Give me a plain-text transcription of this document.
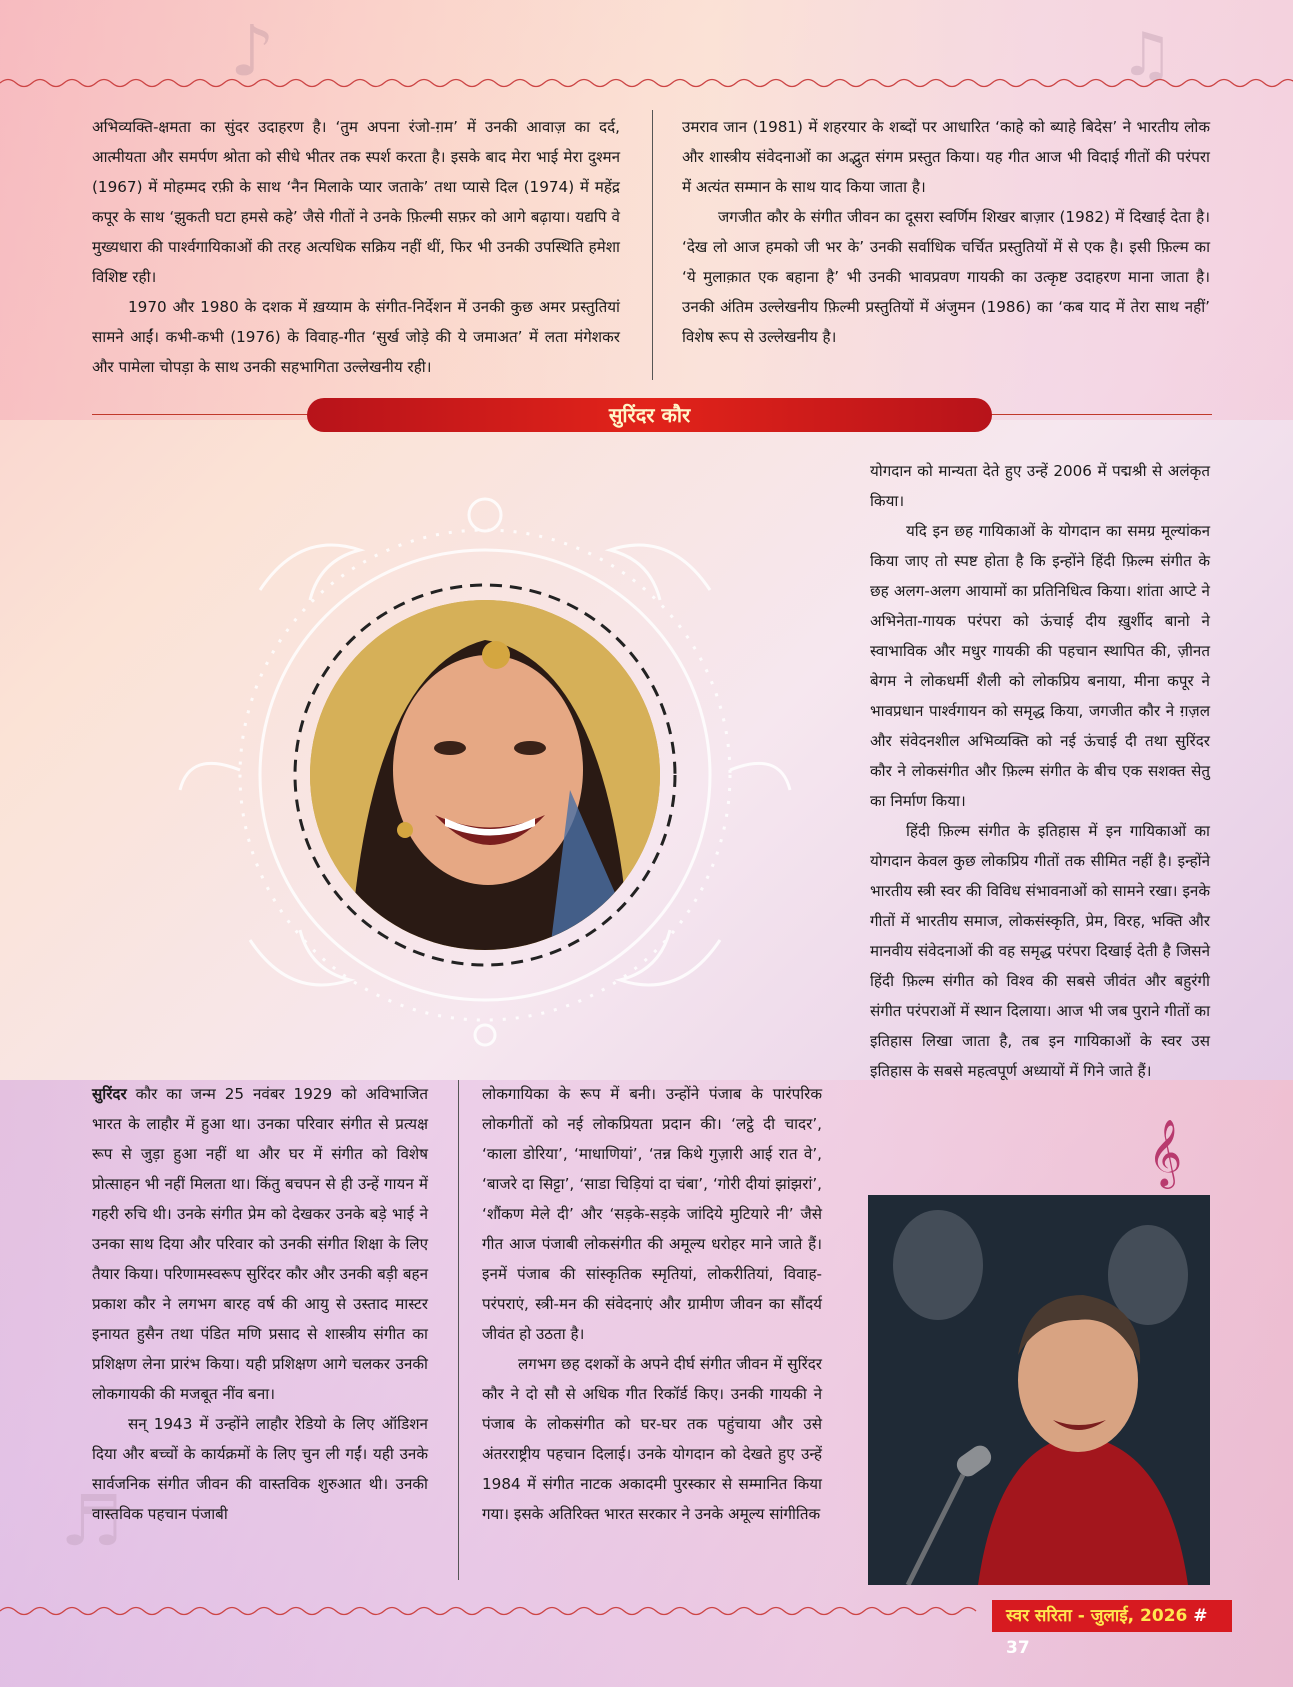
♪	♫
♬

अभिव्यक्ति-क्षमता का सुंदर उदाहरण है। ‘तुम अपना रंजो-ग़म’ में उनकी आवाज़ का दर्द, आत्मीयता और समर्पण श्रोता को सीधे भीतर तक स्पर्श करता है। इसके बाद मेरा भाई मेरा दुश्मन (1967) में मोहम्मद रफ़ी के साथ ‘नैन मिलाके प्यार जताके’ तथा प्यासे दिल (1974) में महेंद्र कपूर के साथ ‘झुकती घटा हमसे कहे’ जैसे गीतों ने उनके फ़िल्मी सफ़र को आगे बढ़ाया। यद्यपि वे मुख्यधारा की पार्श्वगायिकाओं की तरह अत्यधिक सक्रिय नहीं थीं, फिर भी उनकी उपस्थिति हमेशा विशिष्ट रही।

1970 और 1980 के दशक में ख़य्याम के संगीत-निर्देशन में उनकी कुछ अमर प्रस्तुतियां सामने आईं। कभी-कभी (1976) के विवाह-गीत ‘सुर्ख जोड़े की ये जमाअत’ में लता मंगेशकर और पामेला चोपड़ा के साथ उनकी सहभागिता उल्लेखनीय रही।

उमराव जान (1981) में शहरयार के शब्दों पर आधारित ‘काहे को ब्याहे बिदेस’ ने भारतीय लोक और शास्त्रीय संवेदनाओं का अद्भुत संगम प्रस्तुत किया। यह गीत आज भी विदाई गीतों की परंपरा में अत्यंत सम्मान के साथ याद किया जाता है।

जगजीत कौर के संगीत जीवन का दूसरा स्वर्णिम शिखर बाज़ार (1982) में दिखाई देता है। ‘देख लो आज हमको जी भर के’ उनकी सर्वाधिक चर्चित प्रस्तुतियों में से एक है। इसी फ़िल्म का ‘ये मुलाक़ात एक बहाना है’ भी उनकी भावप्रवण गायकी का उत्कृष्ट उदाहरण माना जाता है। उनकी अंतिम उल्लेखनीय फ़िल्मी प्रस्तुतियों में अंजुमन (1986) का ‘कब याद में तेरा साथ नहीं’ विशेष रूप से उल्लेखनीय है।

सुरिंदर कौर

योगदान को मान्यता देते हुए उन्हें 2006 में पद्मश्री से अलंकृत किया।

यदि इन छह गायिकाओं के योगदान का समग्र मूल्यांकन किया जाए तो स्पष्ट होता है कि इन्होंने हिंदी फ़िल्म संगीत के छह अलग-अलग आयामों का प्रतिनिधित्व किया। शांता आप्टे ने अभिनेता-गायक परंपरा को ऊंचाई दीय ख़ुर्शीद बानो ने स्वाभाविक और मधुर गायकी की पहचान स्थापित की, ज़ीनत बेगम ने लोकधर्मी शैली को लोकप्रिय बनाया, मीना कपूर ने भावप्रधान पार्श्वगायन को समृद्ध किया, जगजीत कौर ने ग़ज़ल और संवेदनशील अभिव्यक्ति को नई ऊंचाई दी तथा सुरिंदर कौर ने लोकसंगीत और फ़िल्म संगीत के बीच एक सशक्त सेतु का निर्माण किया।

हिंदी फ़िल्म संगीत के इतिहास में इन गायिकाओं का योगदान केवल कुछ लोकप्रिय गीतों तक सीमित नहीं है। इन्होंने भारतीय स्त्री स्वर की विविध संभावनाओं को सामने रखा। इनके गीतों में भारतीय समाज, लोकसंस्कृति, प्रेम, विरह, भक्ति और मानवीय संवेदनाओं की वह समृद्ध परंपरा दिखाई देती है जिसने हिंदी फ़िल्म संगीत को विश्व की सबसे जीवंत और बहुरंगी संगीत परंपराओं में स्थान दिलाया। आज भी जब पुराने गीतों का इतिहास लिखा जाता है, तब इन गायिकाओं के स्वर उस इतिहास के सबसे महत्वपूर्ण अध्यायों में गिने जाते हैं।

𝄞

सुरिंदर कौर का जन्म 25 नवंबर 1929 को अविभाजित भारत के लाहौर में हुआ था। उनका परिवार संगीत से प्रत्यक्ष रूप से जुड़ा हुआ नहीं था और घर में संगीत को विशेष प्रोत्साहन भी नहीं मिलता था। किंतु बचपन से ही उन्हें गायन में गहरी रुचि थी। उनके संगीत प्रेम को देखकर उनके बड़े भाई ने उनका साथ दिया और परिवार को उनकी संगीत शिक्षा के लिए तैयार किया। परिणामस्वरूप सुरिंदर कौर और उनकी बड़ी बहन प्रकाश कौर ने लगभग बारह वर्ष की आयु से उस्ताद मास्टर इनायत हुसैन तथा पंडित मणि प्रसाद से शास्त्रीय संगीत का प्रशिक्षण लेना प्रारंभ किया। यही प्रशिक्षण आगे चलकर उनकी लोकगायकी की मजबूत नींव बना।

सन् 1943 में उन्होंने लाहौर रेडियो के लिए ऑडिशन दिया और बच्चों के कार्यक्रमों के लिए चुन ली गईं। यही उनके सार्वजनिक संगीत जीवन की वास्तविक शुरुआत थी। उनकी वास्तविक पहचान पंजाबी

लोकगायिका के रूप में बनी। उन्होंने पंजाब के पारंपरिक लोकगीतों को नई लोकप्रियता प्रदान की। ‘लट्ठे दी चादर’, ‘काला डोरिया’, ‘माधाणियां’, ‘तन्न किथे गुज़ारी आई रात वे’, ‘बाजरे दा सिट्टा’, ‘साडा चिड़ियां दा चंबा’, ‘गोरी दीयां झांझरां’, ‘शौंकण मेले दी’ और ‘सड़के-सड़के जांदिये मुटियारे नी’ जैसे गीत आज पंजाबी लोकसंगीत की अमूल्य धरोहर माने जाते हैं। इनमें पंजाब की सांस्कृतिक स्मृतियां, लोकरीतियां, विवाह-परंपराएं, स्त्री-मन की संवेदनाएं और ग्रामीण जीवन का सौंदर्य जीवंत हो उठता है।

लगभग छह दशकों के अपने दीर्घ संगीत जीवन में सुरिंदर कौर ने दो सौ से अधिक गीत रिकॉर्ड किए। उनकी गायकी ने पंजाब के लोकसंगीत को घर-घर तक पहुंचाया और उसे अंतरराष्ट्रीय पहचान दिलाई। उनके योगदान को देखते हुए उन्हें 1984 में संगीत नाटक अकादमी पुरस्कार से सम्मानित किया गया। इसके अतिरिक्त भारत सरकार ने उनके अमूल्य सांगीतिक

स्वर सरिता - जुलाई, 2026 # 37
